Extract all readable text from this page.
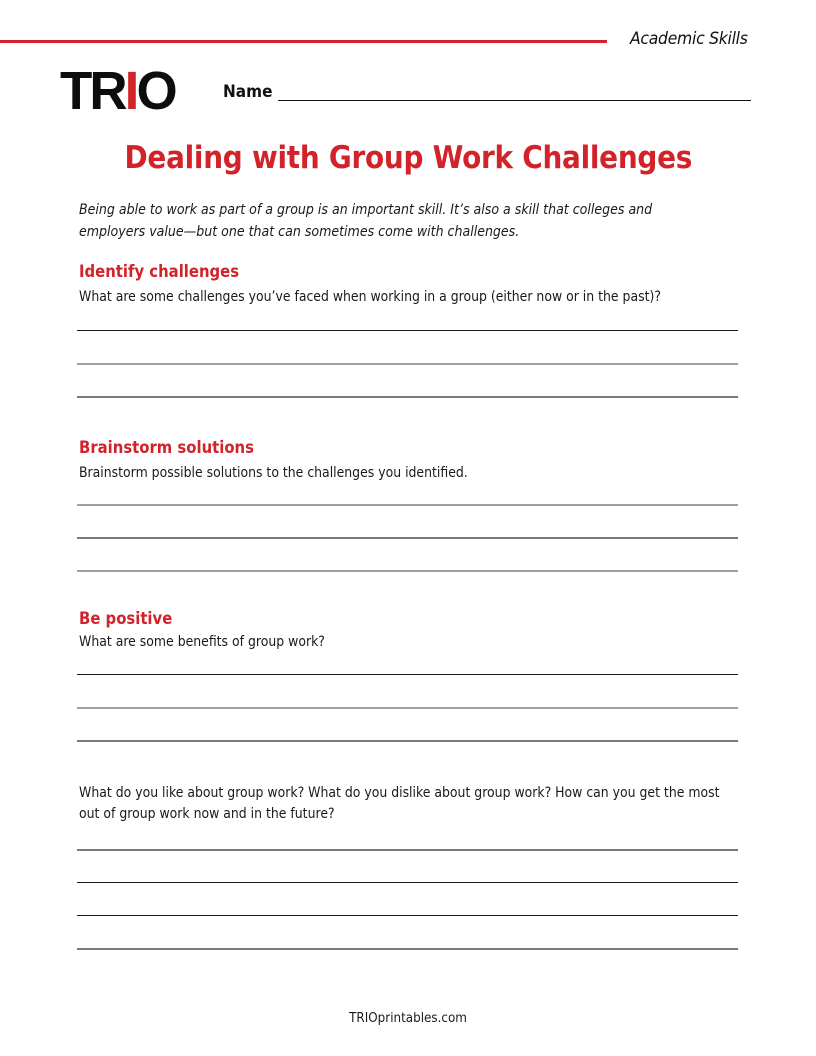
Academic Skills
TRIO	Name
Dealing with Group Work Challenges
Being able to work as part of a group is an important skill. It’s also a skill that colleges and employers value—but one that can sometimes come with challenges.
Identify challenges
What are some challenges you’ve faced when working in a group (either now or in the past)?
Brainstorm solutions
Brainstorm possible solutions to the challenges you identified.
Be positive
What are some benefits of group work?
What do you like about group work? What do you dislike about group work? How can you get the most out of group work now and in the future?
TRIOprintables.com
